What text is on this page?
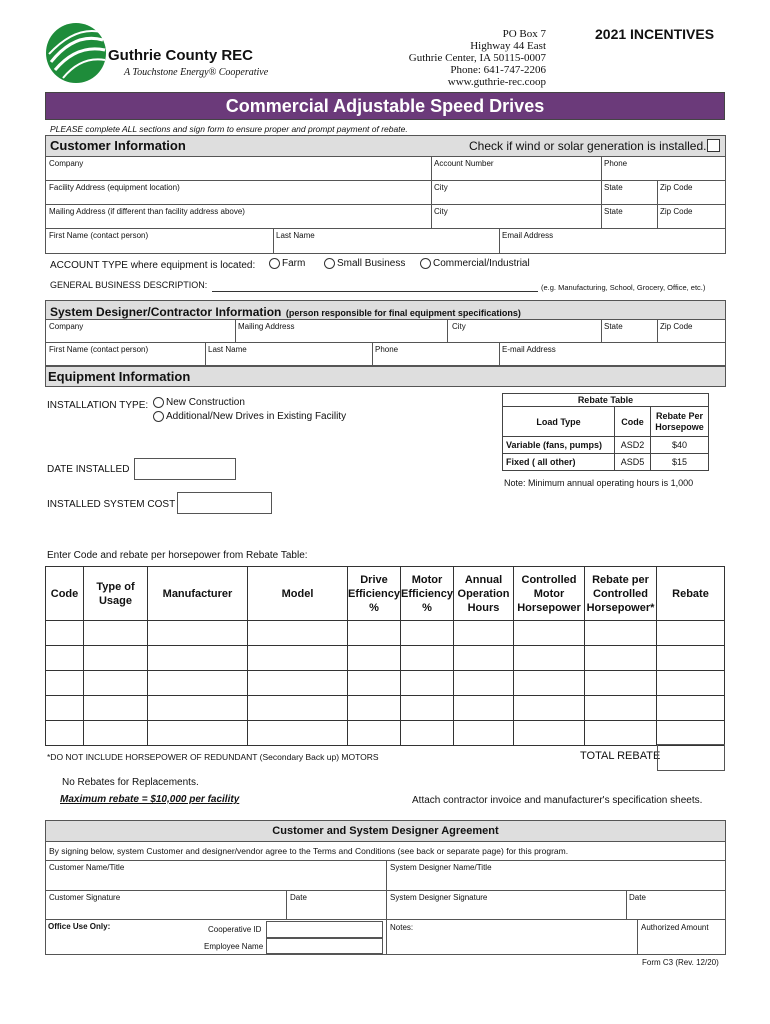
Guthrie County REC
A Touchstone Energy® Cooperative
PO Box 7
Highway 44 East
Guthrie Center, IA 50115-0007
Phone: 641-747-2206
www.guthrie-rec.coop
2021 INCENTIVES
Commercial Adjustable Speed Drives
PLEASE complete ALL sections and sign form to ensure proper and prompt payment of rebate.
Customer Information	Check if wind or solar generation is installed.
Company	Account Number	Phone
Facility Address (equipment location)	City	State	Zip Code
Mailing Address (if different than facility address above)	City	State	Zip Code
First Name (contact person)	Last Name	Email Address
ACCOUNT TYPE where equipment is located:	Farm	Small Business	Commercial/Industrial
GENERAL BUSINESS DESCRIPTION:	(e.g. Manufacturing, School, Grocery, Office, etc.)
System Designer/Contractor Information (person responsible for final equipment specifications)
Company	Mailing Address	City	State	Zip Code
First Name (contact person)	Last Name	Phone	E-mail Address
Equipment Information
INSTALLATION TYPE:	New Construction
Additional/New Drives in Existing Facility
DATE INSTALLED
INSTALLED SYSTEM COST
Rebate Table		
Load Type	Code	Rebate Per Horsepowe
Variable (fans, pumps)	ASD2	$40
Fixed ( all other)	ASD5	$15
Note: Minimum annual operating hours is 1,000
Enter Code and rebate per horsepower from Rebate Table:
Code	Type of Usage	Manufacturer	Model	Drive Efficiency %	Motor Efficiency %	Annual Operation Hours	Controlled Motor Horsepower	Rebate per Controlled Horsepower*	Rebate

*DO NOT INCLUDE HORSEPOWER OF REDUNDANT (Secondary Back up) MOTORS	TOTAL REBATE
No Rebates for Replacements.
Maximum rebate = $10,000 per facility	Attach contractor invoice and manufacturer's specification sheets.
Customer and System Designer Agreement
By signing below, system Customer and designer/vendor agree to the Terms and Conditions (see back or separate page) for this program.
Customer Name/Title	System Designer Name/Title
Customer Signature	Date	System Designer Signature	Date
Office Use Only:	Cooperative ID
Employee Name
Notes:	Authorized Amount
Form C3 (Rev. 12/20)
